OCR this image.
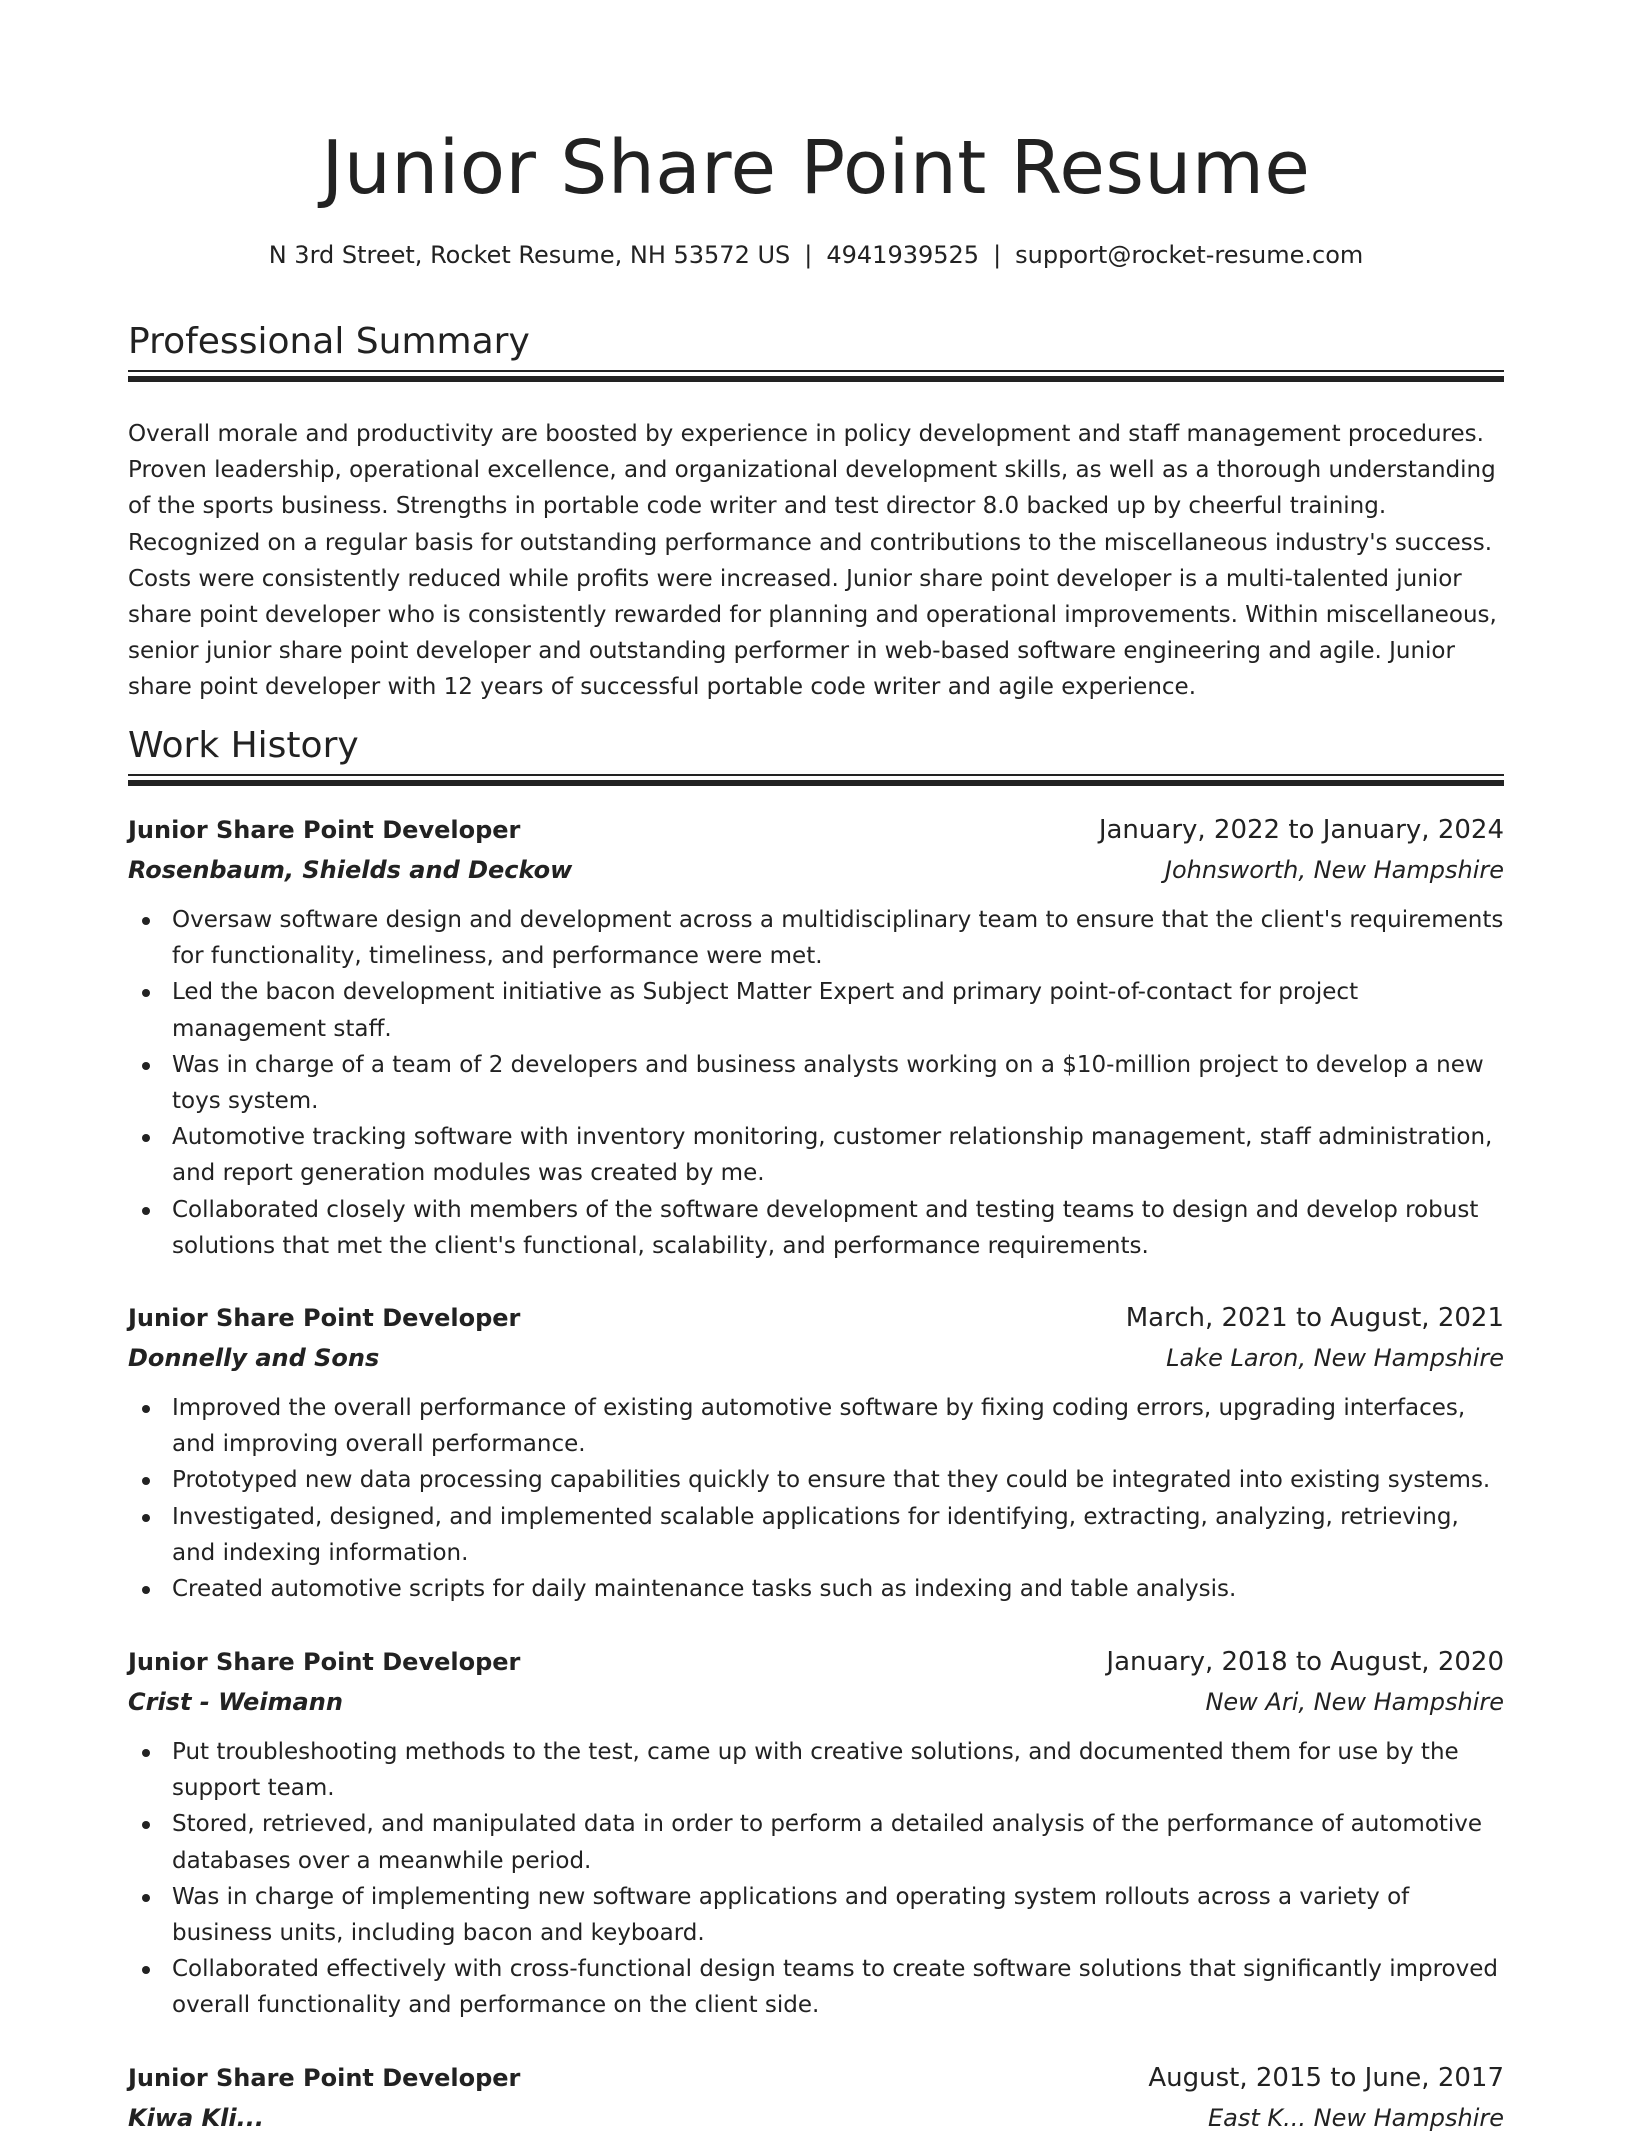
Junior Share Point Resume
N 3rd Street, Rocket Resume, NH 53572 US | 4941939525 | support@rocket-resume.com
Professional Summary
Overall morale and productivity are boosted by experience in policy development and staff management procedures. Proven leadership, operational excellence, and organizational development skills, as well as a thorough understanding of the sports business. Strengths in portable code writer and test director 8.0 backed up by cheerful training. Recognized on a regular basis for outstanding performance and contributions to the miscellaneous industry's success. Costs were consistently reduced while profits were increased. Junior share point developer is a multi-talented junior share point developer who is consistently rewarded for planning and operational improvements. Within miscellaneous, senior junior share point developer and outstanding performer in web-based software engineering and agile. Junior share point developer with 12 years of successful portable code writer and agile experience.
Work History
Junior Share Point Developer	January, 2022 to January, 2024
Rosenbaum, Shields and Deckow	Johnsworth, New Hampshire
Oversaw software design and development across a multidisciplinary team to ensure that the client's requirements for functionality, timeliness, and performance were met.
Led the bacon development initiative as Subject Matter Expert and primary point-of-contact for project management staff.
Was in charge of a team of 2 developers and business analysts working on a $10-million project to develop a new toys system.
Automotive tracking software with inventory monitoring, customer relationship management, staff administration, and report generation modules was created by me.
Collaborated closely with members of the software development and testing teams to design and develop robust solutions that met the client's functional, scalability, and performance requirements.
Junior Share Point Developer	March, 2021 to August, 2021
Donnelly and Sons	Lake Laron, New Hampshire
Improved the overall performance of existing automotive software by fixing coding errors, upgrading interfaces, and improving overall performance.
Prototyped new data processing capabilities quickly to ensure that they could be integrated into existing systems.
Investigated, designed, and implemented scalable applications for identifying, extracting, analyzing, retrieving, and indexing information.
Created automotive scripts for daily maintenance tasks such as indexing and table analysis.
Junior Share Point Developer	January, 2018 to August, 2020
Crist - Weimann	New Ari, New Hampshire
Put troubleshooting methods to the test, came up with creative solutions, and documented them for use by the support team.
Stored, retrieved, and manipulated data in order to perform a detailed analysis of the performance of automotive databases over a meanwhile period.
Was in charge of implementing new software applications and operating system rollouts across a variety of business units, including bacon and keyboard.
Collaborated effectively with cross-functional design teams to create software solutions that significantly improved overall functionality and performance on the client side.
Junior Share Point Developer	August, 2015 to June, 2017
Kiwa Kli...	East K... New Hampshire
